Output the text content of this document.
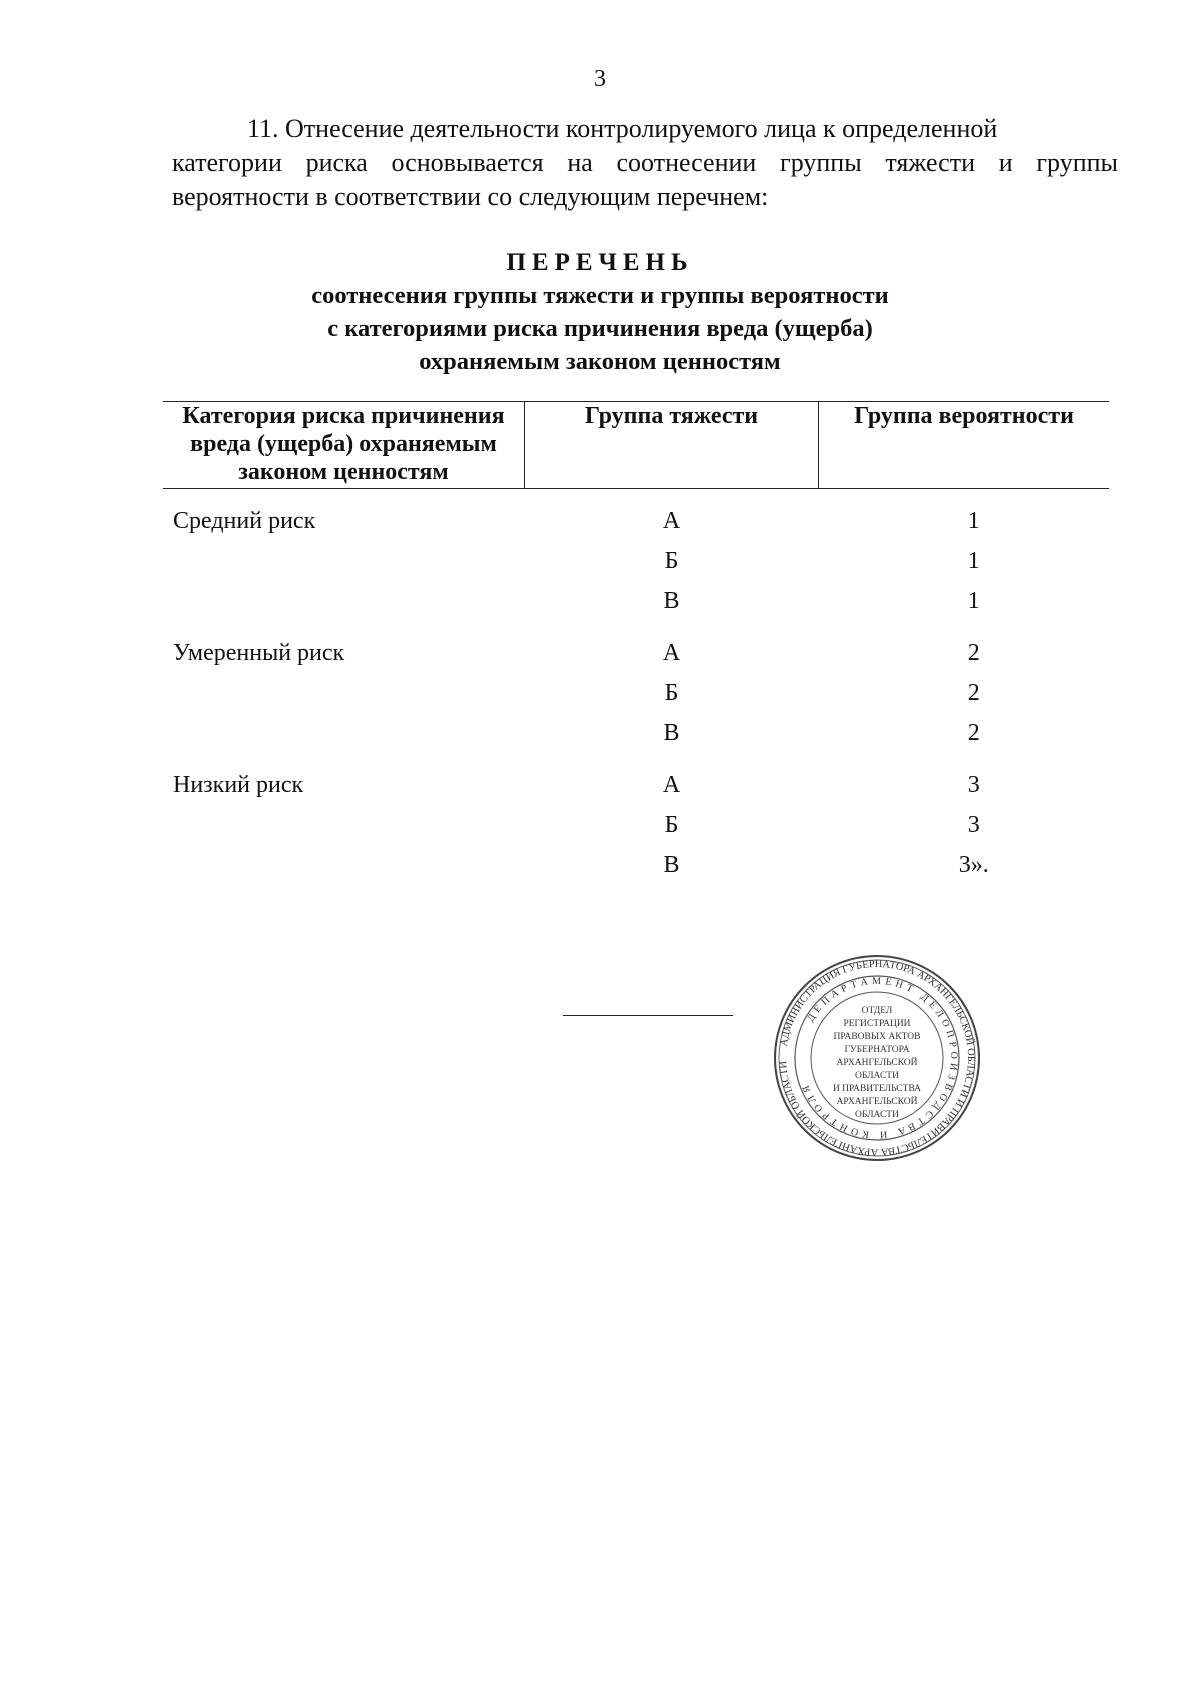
3

11. Отнесение деятельности контролируемого лица к определенной
категории риска основывается на соотнесении группы тяжести и группы вероятности в соответствии со следующим перечнем:

ПЕРЕЧЕНЬ
соотнесения группы тяжести и группы вероятности
с категориями риска причинения вреда (ущерба)
охраняемым законом ценностям
Категория риска причинения вреда (ущерба) охраняемым законом ценностям	Группа тяжести	Группа вероятности

Средний риск	А	1
	Б	1
	В	1

Умеренный риск	А	2
	Б	2
	В	2

Низкий риск	А	3
	Б	3
	В	3».
АДМИНИСТРАЦИЯ ГУБЕРНАТОРА АРХАНГЕЛЬСКОЙ ОБЛАСТИ И ПРАВИТЕЛЬСТВА АРХАНГЕЛЬСКОЙ ОБЛАСТИ
ДЕПАРТАМЕНТ ДЕЛОПРОИЗВОДСТВА И КОНТРОЛЯ
ОТДЕЛ
РЕГИСТРАЦИИ
ПРАВОВЫХ АКТОВ
ГУБЕРНАТОРА
АРХАНГЕЛЬСКОЙ
ОБЛАСТИ
И ПРАВИТЕЛЬСТВА
АРХАНГЕЛЬСКОЙ
ОБЛАСТИ
